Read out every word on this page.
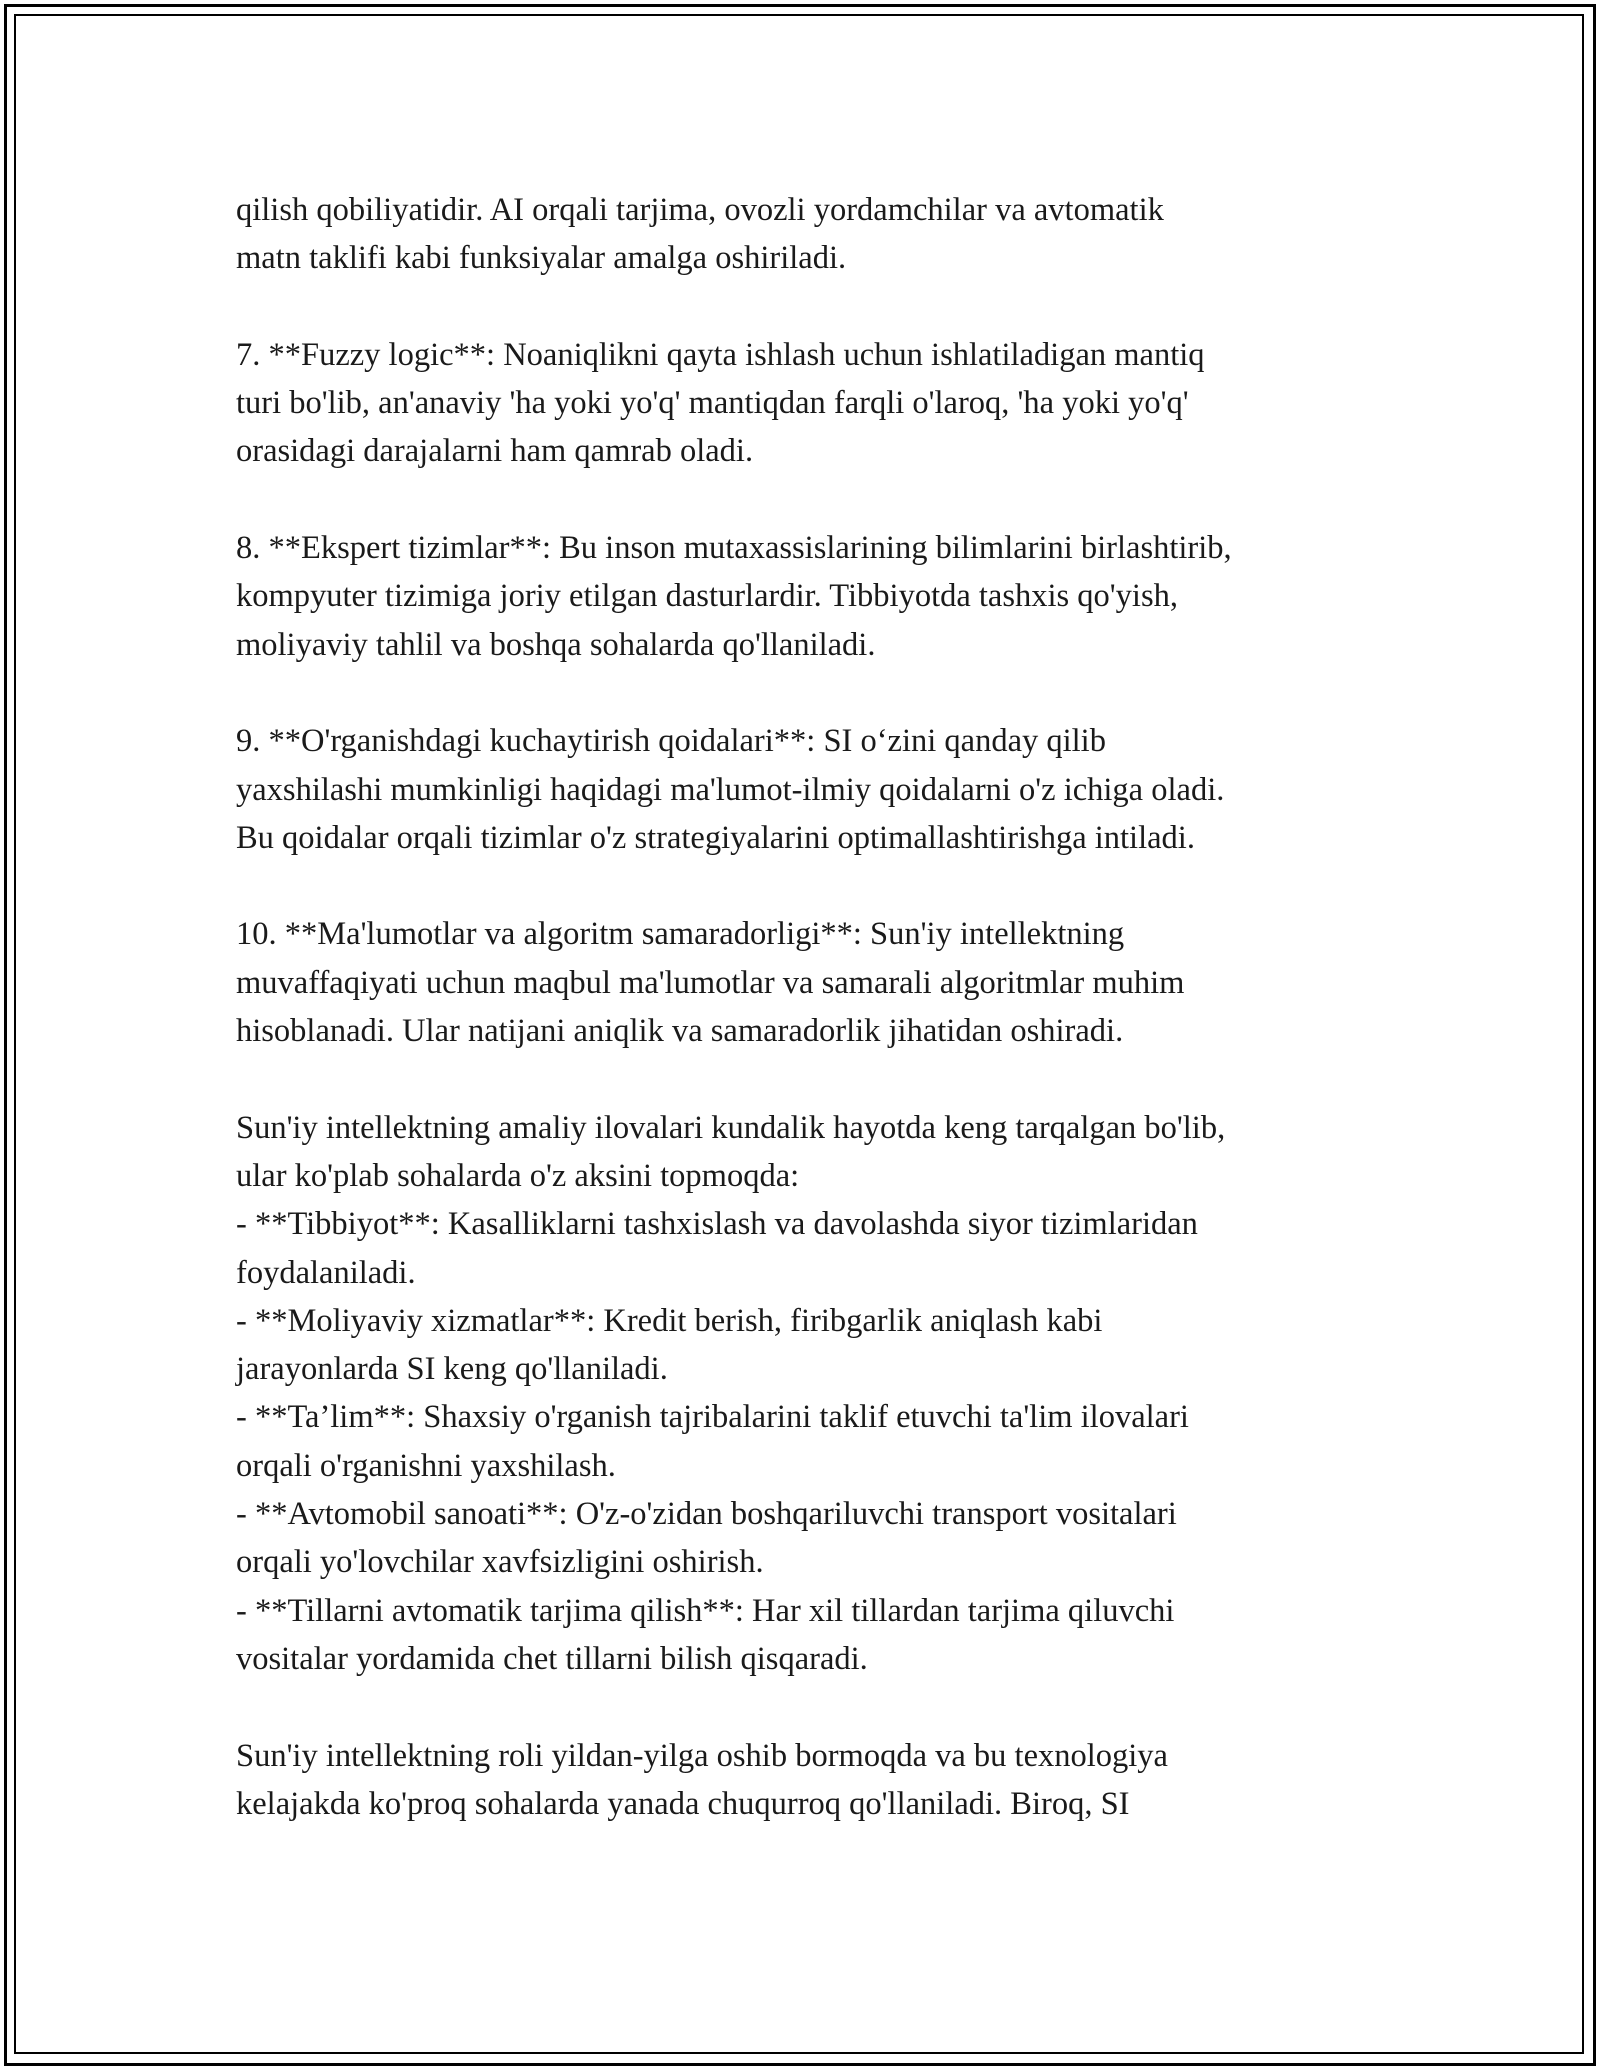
qilish qobiliyatidir. AI orqali tarjima, ovozli yordamchilar va avtomatik
matn taklifi kabi funksiyalar amalga oshiriladi.
7. **Fuzzy logic**: Noaniqlikni qayta ishlash uchun ishlatiladigan mantiq
turi bo'lib, an'anaviy 'ha yoki yo'q' mantiqdan farqli o'laroq, 'ha yoki yo'q'
orasidagi darajalarni ham qamrab oladi.
8. **Ekspert tizimlar**: Bu inson mutaxassislarining bilimlarini birlashtirib,
kompyuter tizimiga joriy etilgan dasturlardir. Tibbiyotda tashxis qo'yish,
moliyaviy tahlil va boshqa sohalarda qo'llaniladi.
9. **O'rganishdagi kuchaytirish qoidalari**: SI o‘zini qanday qilib
yaxshilashi mumkinligi haqidagi ma'lumot-ilmiy qoidalarni o'z ichiga oladi.
Bu qoidalar orqali tizimlar o'z strategiyalarini optimallashtirishga intiladi.
10. **Ma'lumotlar va algoritm samaradorligi**: Sun'iy intellektning
muvaffaqiyati uchun maqbul ma'lumotlar va samarali algoritmlar muhim
hisoblanadi. Ular natijani aniqlik va samaradorlik jihatidan oshiradi.
Sun'iy intellektning amaliy ilovalari kundalik hayotda keng tarqalgan bo'lib,
ular ko'plab sohalarda o'z aksini topmoqda:
- **Tibbiyot**: Kasalliklarni tashxislash va davolashda siyor tizimlaridan
foydalaniladi.
- **Moliyaviy xizmatlar**: Kredit berish, firibgarlik aniqlash kabi
jarayonlarda SI keng qo'llaniladi.
- **Ta’lim**: Shaxsiy o'rganish tajribalarini taklif etuvchi ta'lim ilovalari
orqali o'rganishni yaxshilash.
- **Avtomobil sanoati**: O'z-o'zidan boshqariluvchi transport vositalari
orqali yo'lovchilar xavfsizligini oshirish.
- **Tillarni avtomatik tarjima qilish**: Har xil tillardan tarjima qiluvchi
vositalar yordamida chet tillarni bilish qisqaradi.
Sun'iy intellektning roli yildan-yilga oshib bormoqda va bu texnologiya
kelajakda ko'proq sohalarda yanada chuqurroq qo'llaniladi. Biroq, SI
